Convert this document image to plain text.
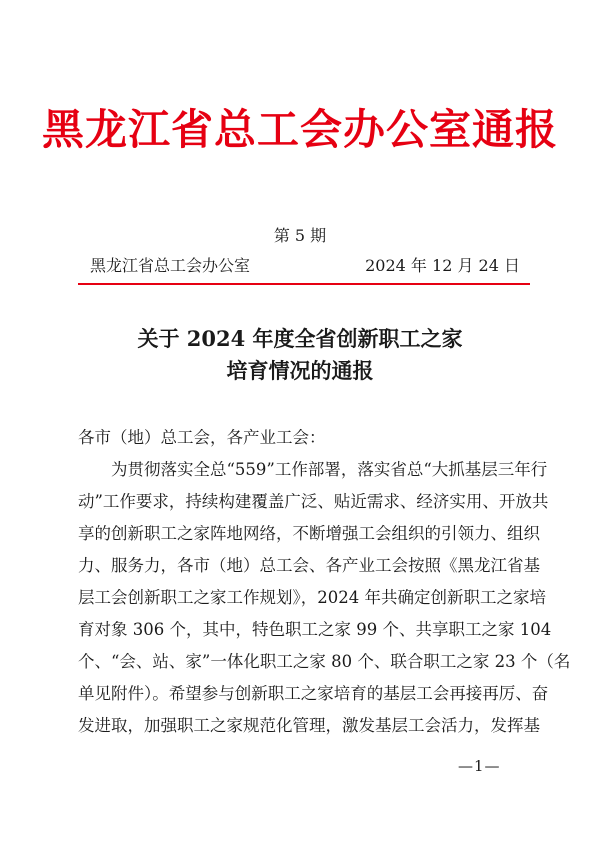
黑龙江省总工会办公室通报
第 5 期
黑龙江省总工会办公室	2024 年 12 月 24 日
关于 2024 年度全省创新职工之家
培育情况的通报
各市（地）总工会，各产业工会：
为贯彻落实全总“559”工作部署，落实省总“大抓基层三年行
动”工作要求，持续构建覆盖广泛、贴近需求、经济实用、开放共
享的创新职工之家阵地网络，不断增强工会组织的引领力、组织
力、服务力，各市（地）总工会、各产业工会按照《黑龙江省基
层工会创新职工之家工作规划》，2024 年共确定创新职工之家培
育对象 306 个，其中，特色职工之家 99 个、共享职工之家 104
个、“会、站、家”一体化职工之家 80 个、联合职工之家 23 个（名
单见附件）。希望参与创新职工之家培育的基层工会再接再厉、奋
发进取，加强职工之家规范化管理，激发基层工会活力，发挥基
—1—
